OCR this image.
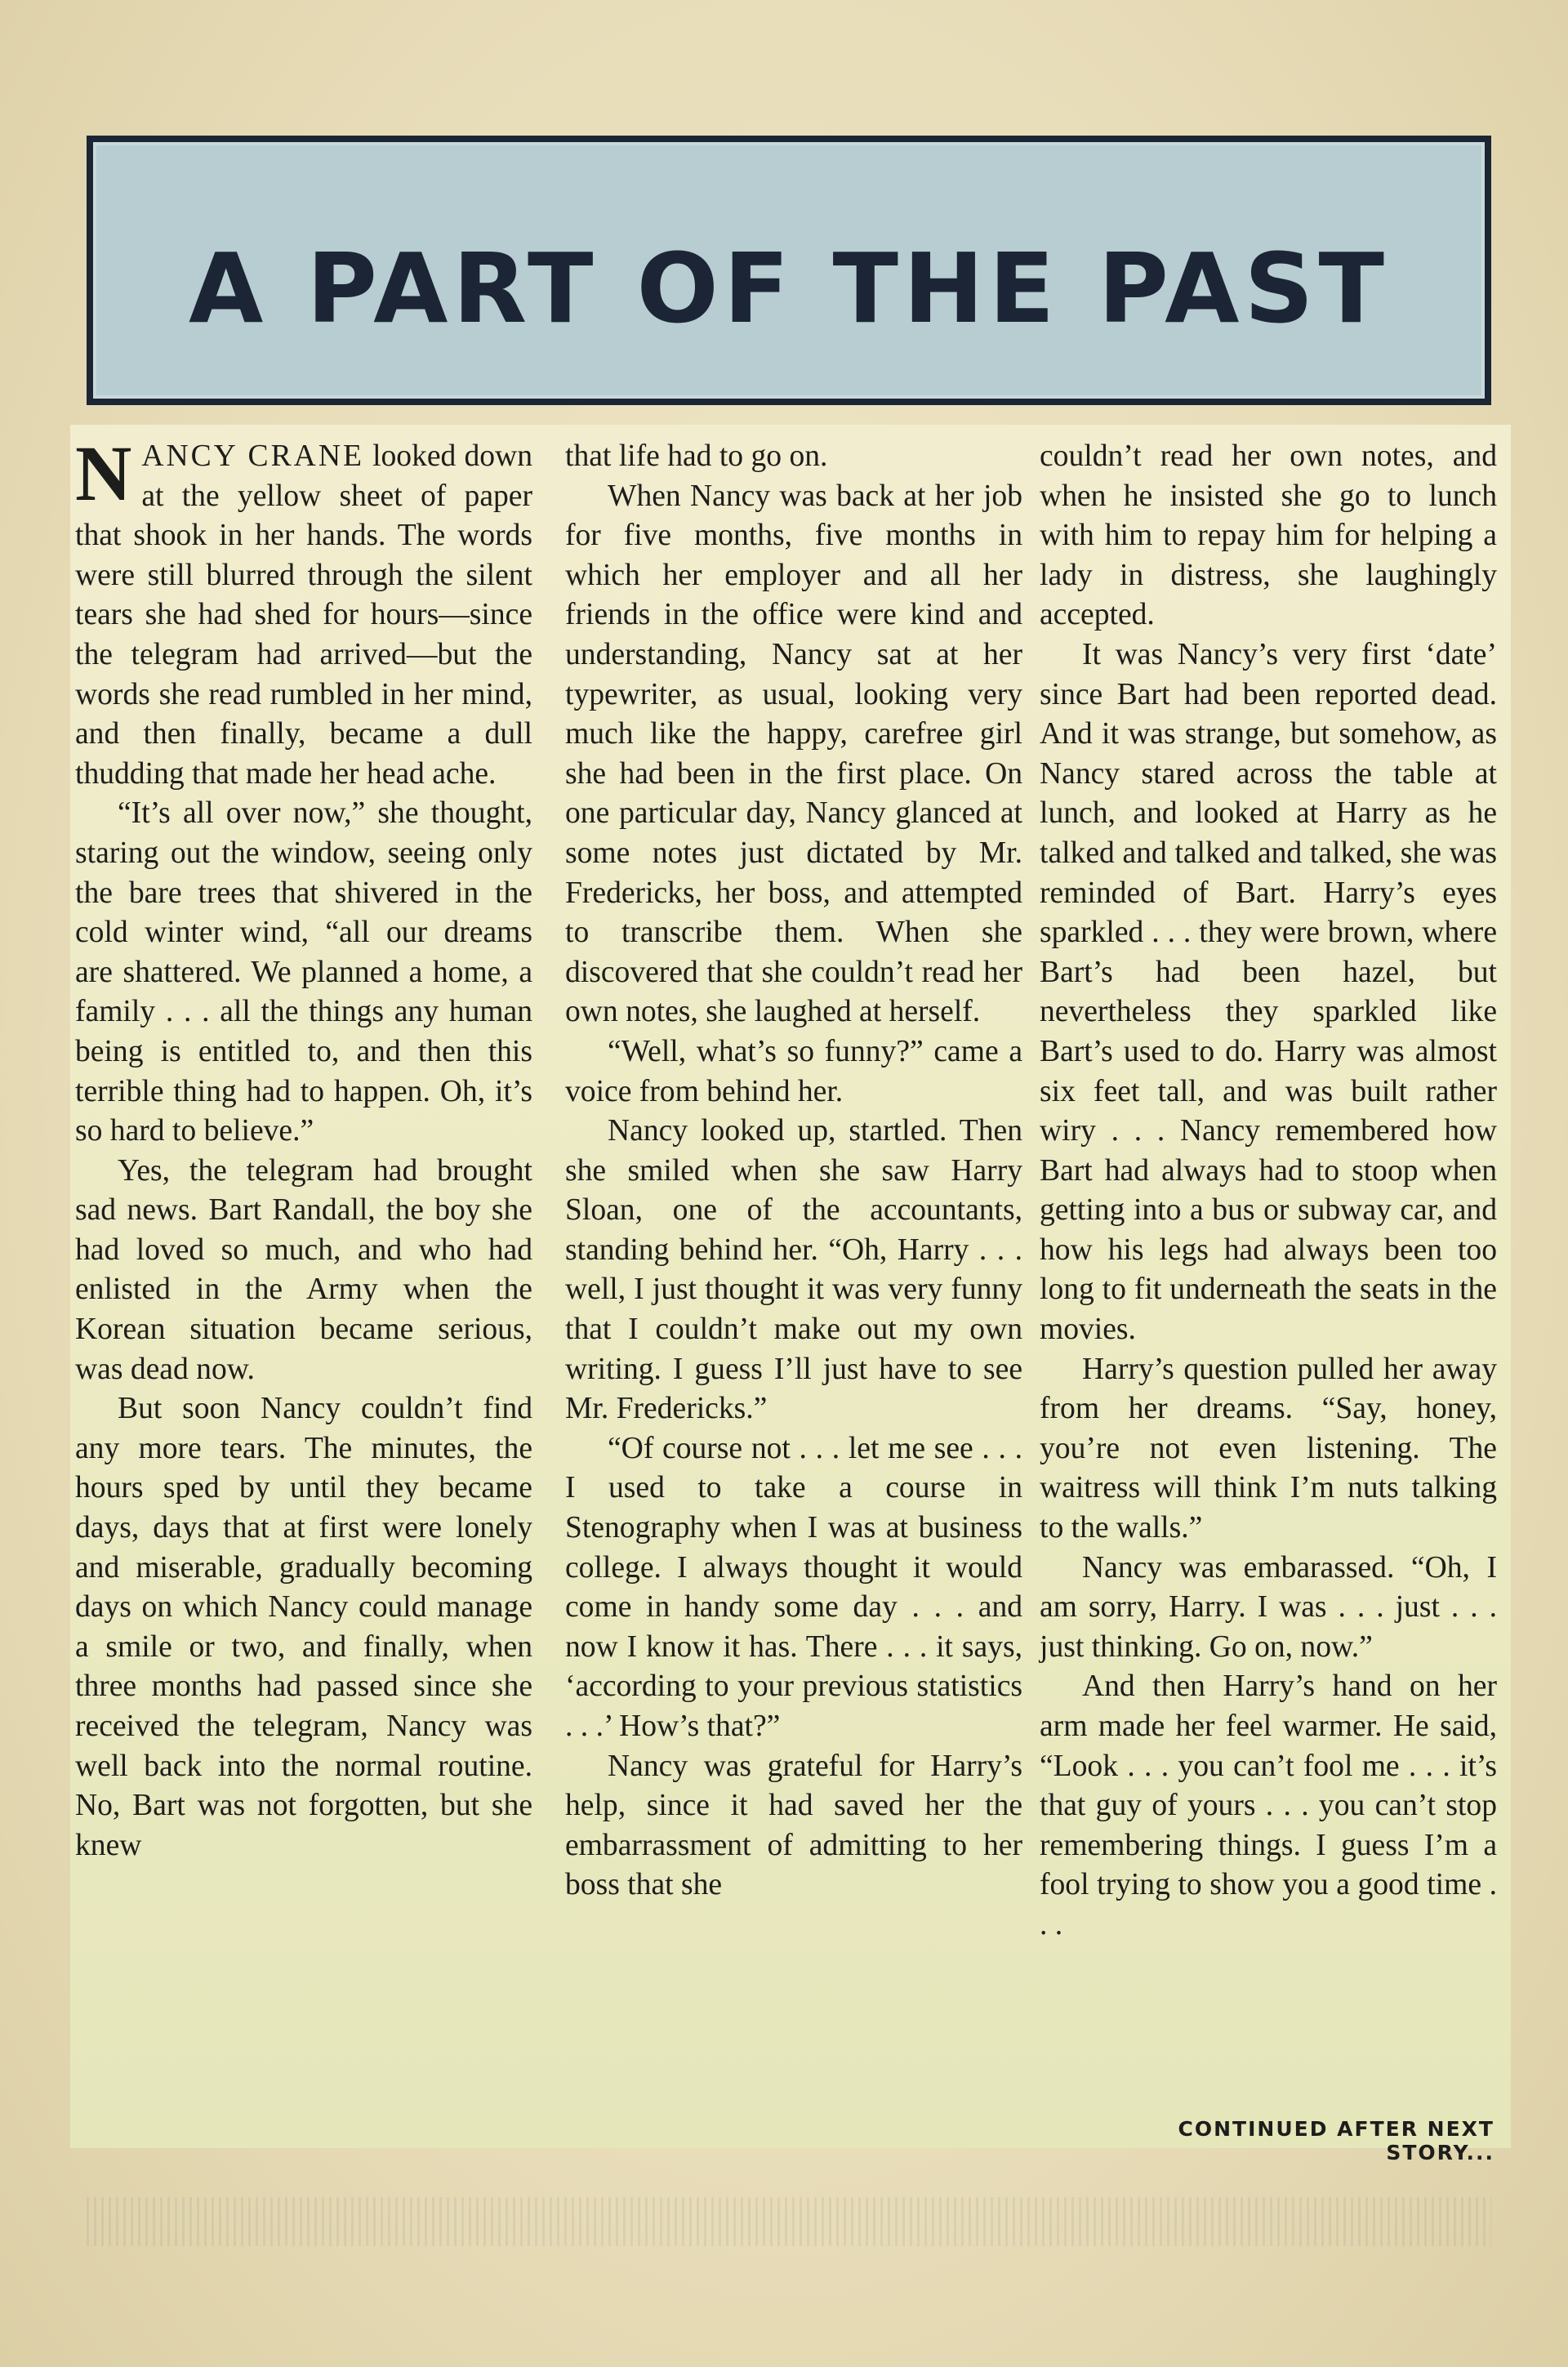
A PART OF THE PAST

NANCY CRANE looked down at the yellow sheet of paper that shook in her hands. The words were still blurred through the silent tears she had shed for hours—since the telegram had arrived—but the words she read rumbled in her mind, and then finally, became a dull thudding that made her head ache.

“It’s all over now,” she thought, staring out the window, seeing only the bare trees that shivered in the cold winter wind, “all our dreams are shattered. We planned a home, a family . . . all the things any human being is entitled to, and then this terrible thing had to happen. Oh, it’s so hard to believe.”

Yes, the telegram had brought sad news. Bart Randall, the boy she had loved so much, and who had enlisted in the Army when the Korean situation became serious, was dead now.

But soon Nancy couldn’t find any more tears. The minutes, the hours sped by until they became days, days that at first were lonely and miserable, gradually becoming days on which Nancy could manage a smile or two, and finally, when three months had passed since she received the telegram, Nancy was well back into the normal routine. No, Bart was not forgotten, but she knew

that life had to go on.

When Nancy was back at her job for five months, five months in which her employer and all her friends in the office were kind and understanding, Nancy sat at her typewriter, as usual, looking very much like the happy, carefree girl she had been in the first place. On one particular day, Nancy glanced at some notes just dictated by Mr. Fredericks, her boss, and attempted to transcribe them. When she discovered that she couldn’t read her own notes, she laughed at herself.

“Well, what’s so funny?” came a voice from behind her.

Nancy looked up, startled. Then she smiled when she saw Harry Sloan, one of the accountants, standing behind her. “Oh, Harry . . . well, I just thought it was very funny that I couldn’t make out my own writing. I guess I’ll just have to see Mr. Fredericks.”

“Of course not . . . let me see . . . I used to take a course in Stenography when I was at business college. I always thought it would come in handy some day . . . and now I know it has. There . . . it says, ‘according to your previous statistics . . .’ How’s that?”

Nancy was grateful for Harry’s help, since it had saved her the embarrassment of admitting to her boss that she

couldn’t read her own notes, and when he insisted she go to lunch with him to repay him for helping a lady in distress, she laughingly accepted.

It was Nancy’s very first ‘date’ since Bart had been reported dead. And it was strange, but somehow, as Nancy stared across the table at lunch, and looked at Harry as he talked and talked and talked, she was reminded of Bart. Harry’s eyes sparkled . . . they were brown, where Bart’s had been hazel, but nevertheless they sparkled like Bart’s used to do. Harry was almost six feet tall, and was built rather wiry . . . Nancy remembered how Bart had always had to stoop when getting into a bus or subway car, and how his legs had always been too long to fit underneath the seats in the movies.

Harry’s question pulled her away from her dreams. “Say, honey, you’re not even listening. The waitress will think I’m nuts talking to the walls.”

Nancy was embarassed. “Oh, I am sorry, Harry. I was . . . just . . . just thinking. Go on, now.”

And then Harry’s hand on her arm made her feel warmer. He said, “Look . . . you can’t fool me . . . it’s that guy of yours . . . you can’t stop remembering things. I guess I’m a fool trying to show you a good time . . .

CONTINUED AFTER NEXT STORY...
